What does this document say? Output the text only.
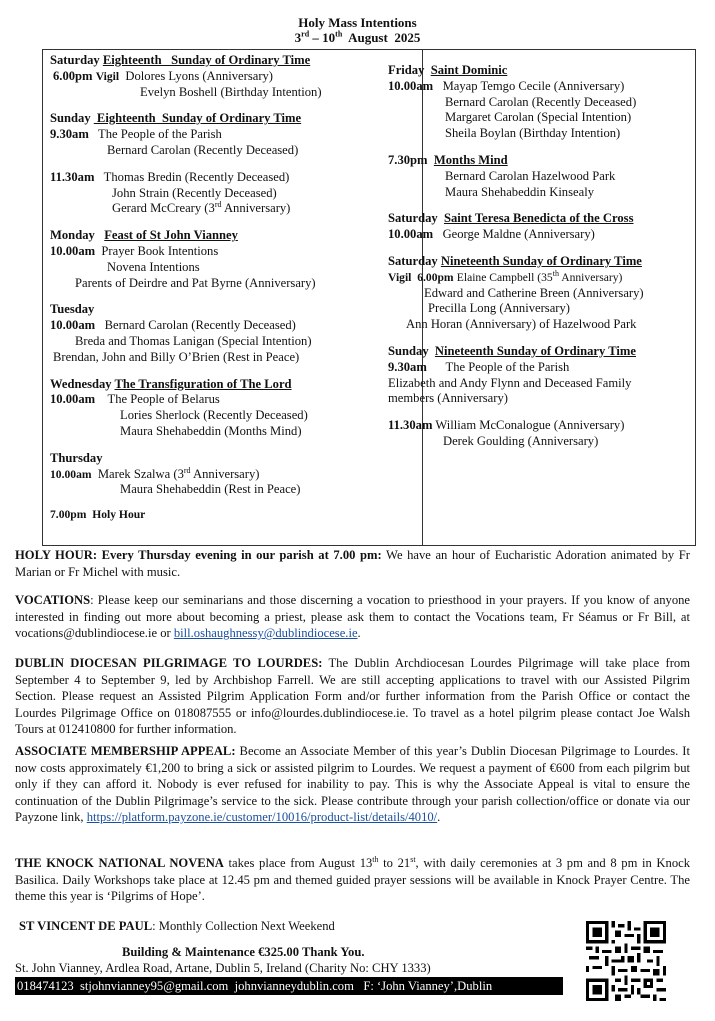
Holy Mass Intentions
3rd – 10th  August  2025
Saturday Eighteenth   Sunday of Ordinary Time
6.00pm Vigil Dolores Lyons (Anniversary)
Evelyn Boshell (Birthday Intention)
Sunday  Eighteenth  Sunday of Ordinary Time
9.30am The People of the Parish
Bernard Carolan (Recently Deceased)
11.30am Thomas Bredin (Recently Deceased)
John Strain (Recently Deceased)
Gerard McCreary (3rd Anniversary)
Monday   Feast of St John Vianney
10.00am Prayer Book Intentions
Novena Intentions
Parents of Deirdre and Pat Byrne (Anniversary)
Tuesday
10.00am Bernard Carolan (Recently Deceased)
Breda and Thomas Lanigan (Special Intention)
Brendan, John and Billy O’Brien (Rest in Peace)
Wednesday The Transfiguration of The Lord
10.00am The People of Belarus
Lories Sherlock (Recently Deceased)
Maura Shehabeddin (Months Mind)
Thursday
10.00am Marek Szalwa (3rd Anniversary)
Maura Shehabeddin (Rest in Peace)
7.00pm  Holy Hour
Friday  Saint Dominic
10.00am Mayap Temgo Cecile (Anniversary)
Bernard Carolan (Recently Deceased)
Margaret Carolan (Special Intention)
Sheila Boylan (Birthday Intention)
7.30pm  Months Mind
Bernard Carolan Hazelwood Park
Maura Shehabeddin Kinsealy
Saturday  Saint Teresa Benedicta of the Cross
10.00am George Maldne (Anniversary)
Saturday Nineteenth Sunday of Ordinary Time
Vigil  6.00pm Elaine Campbell (35th Anniversary)
Edward and Catherine Breen (Anniversary)
Precilla Long (Anniversary)
Ann Horan (Anniversary) of Hazelwood Park
Sunday  Nineteenth Sunday of Ordinary Time
9.30am The People of the Parish
Elizabeth and Andy Flynn and Deceased Family
members (Anniversary)
11.30am William McConalogue (Anniversary)
Derek Goulding (Anniversary)

HOLY HOUR: Every Thursday evening in our parish at 7.00 pm: We have an hour of Eucharistic Adoration animated by Fr Marian or Fr Michel with music.

VOCATIONS: Please keep our seminarians and those discerning a vocation to priesthood in your prayers. If you know of anyone interested in finding out more about becoming a priest, please ask them to contact the Vocations team, Fr Séamus or Fr Bill, at vocations@dublindiocese.ie or bill.oshaughnessy@dublindiocese.ie.

DUBLIN DIOCESAN PILGRIMAGE TO LOURDES: The Dublin Archdiocesan Lourdes Pilgrimage will take place from September 4 to September 9, led by Archbishop Farrell. We are still accepting applications to travel with our Assisted Pilgrim Section. Please request an Assisted Pilgrim Application Form and/or further information from the Parish Office or contact the Lourdes Pilgrimage Office on 018087555 or info@lourdes.dublindiocese.ie. To travel as a hotel pilgrim please contact Joe Walsh Tours at 012410800 for further information.

ASSOCIATE MEMBERSHIP APPEAL: Become an Associate Member of this year’s Dublin Diocesan Pilgrimage to Lourdes. It now costs approximately €1,200 to bring a sick or assisted pilgrim to Lourdes. We request a payment of €600 from each pilgrim but only if they can afford it. Nobody is ever refused for inability to pay. This is why the Associate Appeal is vital to ensure the continuation of the Dublin Pilgrimage’s service to the sick. Please contribute through your parish collection/office or donate via our Payzone link, https://platform.payzone.ie/customer/10016/product-list/details/4010/.

THE KNOCK NATIONAL NOVENA takes place from August 13th to 21st, with daily ceremonies at 3 pm and 8 pm in Knock Basilica. Daily Workshops take place at 12.45 pm and themed guided prayer sessions will be available in Knock Prayer Centre. The theme this year is ‘Pilgrims of Hope’.

ST VINCENT DE PAUL: Monthly Collection Next Weekend

Building & Maintenance €325.00 Thank You.
St. John Vianney, Ardlea Road, Artane, Dublin 5, Ireland (Charity No: CHY 1333)
018474123  stjohnvianney95@gmail.com  johnvianneydublin.com   F: ‘John Vianney’,Dublin
